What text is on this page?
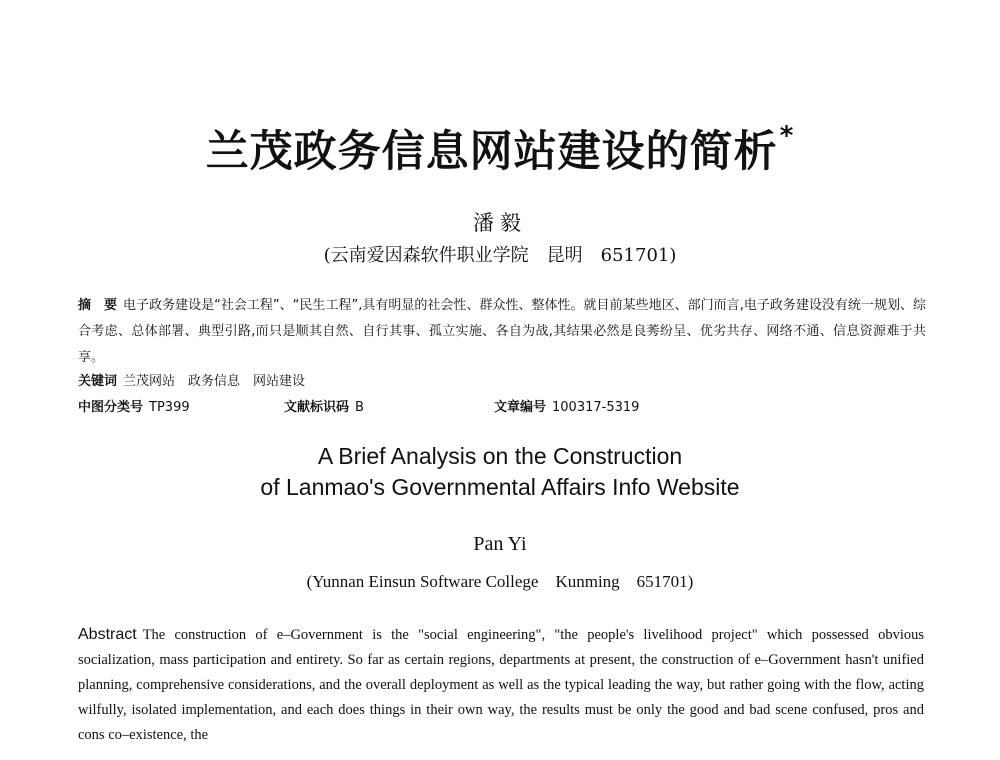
兰茂政务信息网站建设的简析*
潘毅
(云南爱因森软件职业学院　昆明　651701)
摘　要 电子政务建设是“社会工程”、“民生工程”,具有明显的社会性、群众性、整体性。就目前某些地区、部门而言,电子政务建设没有统一规划、综合考虑、总体部署、典型引路,而只是顺其自然、自行其事、孤立实施、各自为战,其结果必然是良莠纷呈、优劣共存、网络不通、信息资源难于共享。
关键词 兰茂网站　政务信息　网站建设
中图分类号 TP399	文献标识码 B	文章编号 100317-5319
A Brief Analysis on the Construction
of Lanmao's Governmental Affairs Info Website
Pan Yi
(Yunnan Einsun Software College　Kunming　651701)
Abstract The construction of e–Government is the "social engineering", "the people's livelihood project" which possessed obvious socialization, mass participation and entirety. So far as certain regions, departments at present, the construction of e–Government hasn't unified planning, comprehensive considerations, and the overall deployment as well as the typical leading the way, but rather going with the flow, acting wilfully, isolated implementation, and each does things in their own way, the results must be only the good and bad scene confused, pros and cons co–existence, the
